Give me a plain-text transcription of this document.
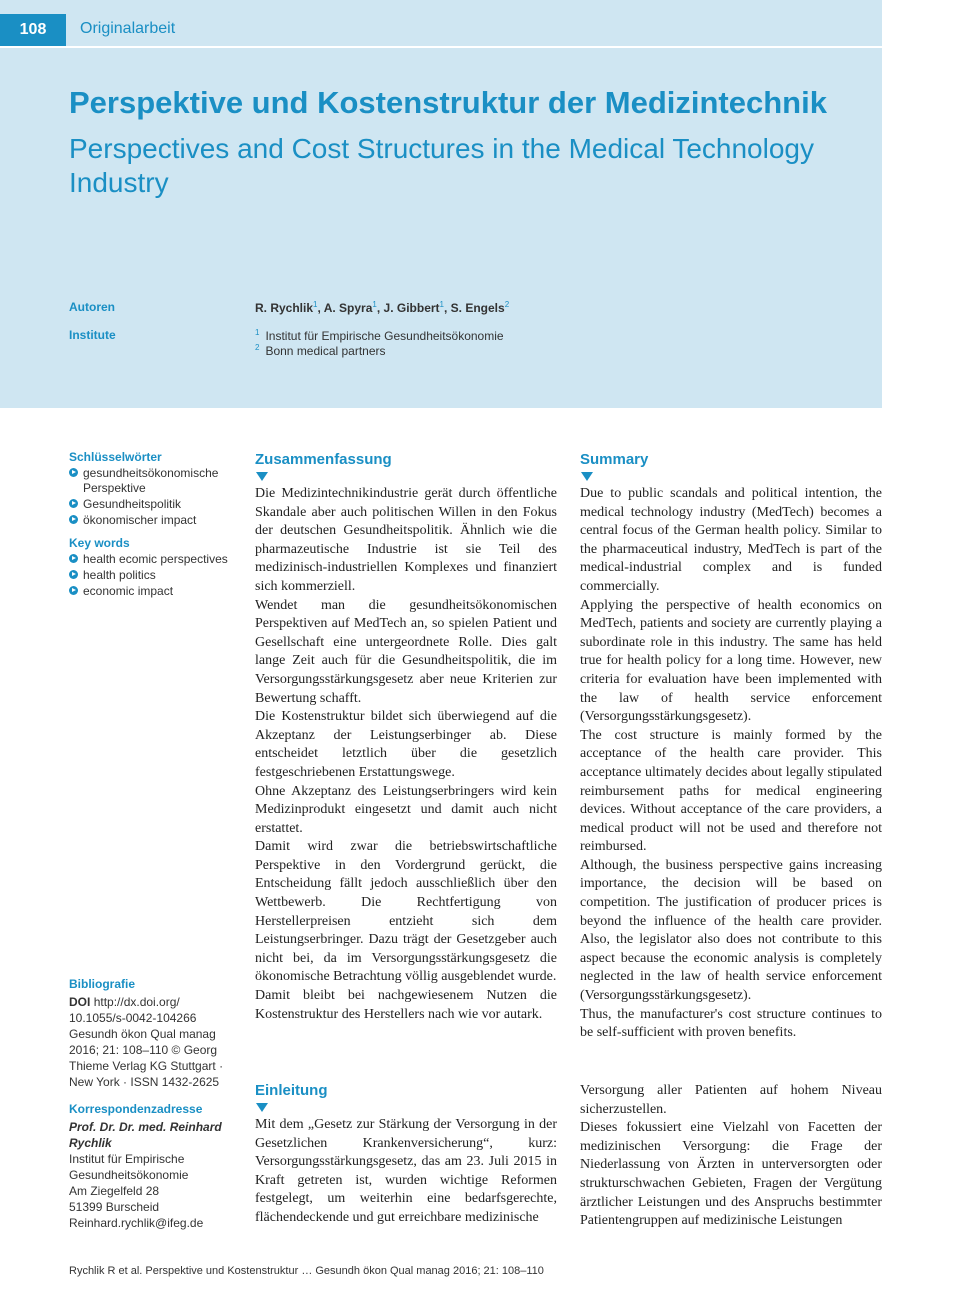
108	Originalarbeit
Perspektive und Kostenstruktur der Medizintechnik
Perspectives and Cost Structures in the Medical Technology Industry
Autoren	R. Rychlik$^1$, A. Spyra$^1$, J. Gibbert$^1$, S. Engels$^2$
Institute	$^1$ Institut für Empirische Gesundheitsökonomie
$^2$ Bonn medical partners
Schlüsselwörter
gesundheitsökonomische Perspektive
Gesundheitspolitik
ökonomischer impact
Key words
health ecomic perspectives
health politics
economic impact
Bibliografie
DOI http://dx.doi.org/ 10.1055/s-0042-104266 Gesundh ökon Qual manag 2016; 21: 108–110 © Georg Thieme Verlag KG Stuttgart · New York · ISSN 1432-2625
Korrespondenzadresse
Prof. Dr. Dr. med. Reinhard Rychlik
Institut für Empirische Gesundheitsökonomie
Am Ziegelfeld 28
51399 Burscheid
Reinhard.rychlik@ifeg.de
Zusammenfassung

Die Medizintechnikindustrie gerät durch öffentliche Skandale aber auch politischen Willen in den Fokus der deutschen Gesundheitspolitik. Ähnlich wie die pharmazeutische Industrie ist sie Teil des medizinisch-industriellen Komplexes und finanziert sich kommerziell.

Wendet man die gesundheitsökonomischen Perspektiven auf MedTech an, so spielen Patient und Gesellschaft eine untergeordnete Rolle. Dies galt lange Zeit auch für die Gesundheitspolitik, die im Versorgungsstärkungsgesetz aber neue Kriterien zur Bewertung schafft.

Die Kostenstruktur bildet sich überwiegend auf die Akzeptanz der Leistungserbinger ab. Diese entscheidet letztlich über die gesetzlich festgeschriebenen Erstattungswege.

Ohne Akzeptanz des Leistungserbringers wird kein Medizinprodukt eingesetzt und damit auch nicht erstattet.

Damit wird zwar die betriebswirtschaftliche Perspektive in den Vordergrund gerückt, die Entscheidung fällt jedoch ausschließlich über den Wettbewerb. Die Rechtfertigung von Herstellerpreisen entzieht sich dem Leistungserbringer. Dazu trägt der Gesetzgeber auch nicht bei, da im Versorgungsstärkungsgesetz die ökonomische Betrachtung völlig ausgeblendet wurde.

Damit bleibt bei nachgewiesenem Nutzen die Kostenstruktur des Herstellers nach wie vor autark.

Summary

Due to public scandals and political intention, the medical technology industry (MedTech) becomes a central focus of the German health policy. Similar to the pharmaceutical industry, MedTech is part of the medical-industrial complex and is funded commercially.

Applying the perspective of health economics on MedTech, patients and society are currently playing a subordinate role in this industry. The same has held true for health policy for a long time. However, new criteria for evaluation have been implemented with the law of health service enforcement (Versorgungsstärkungsgesetz).

The cost structure is mainly formed by the acceptance of the health care provider. This acceptance ultimately decides about legally stipulated reimbursement paths for medical engineering devices. Without acceptance of the care providers, a medical product will not be used and therefore not reimbursed.

Although, the business perspective gains increasing importance, the decision will be based on competition. The justification of producer prices is beyond the influence of the health care provider. Also, the legislator also does not contribute to this aspect because the economic analysis is completely neglected in the law of health service enforcement (Versorgungsstärkungsgesetz).

Thus, the manufacturer's cost structure continues to be self-sufficient with proven benefits.

Einleitung

Mit dem „Gesetz zur Stärkung der Versorgung in der Gesetzlichen Krankenversicherung“, kurz: Versorgungsstärkungsgesetz, das am 23. Juli 2015 in Kraft getreten ist, wurden wichtige Reformen festgelegt, um weiterhin eine bedarfsgerechte, flächendeckende und gut erreichbare medizinische

Versorgung aller Patienten auf hohem Niveau sicherzustellen.

Dieses fokussiert eine Vielzahl von Facetten der medizinischen Versorgung: die Frage der Niederlassung von Ärzten in unterversorgten oder strukturschwachen Gebieten, Fragen der Vergütung ärztlicher Leistungen und des Anspruchs bestimmter Patientengruppen auf medizinische Leistungen

Rychlik R et al. Perspektive und Kostenstruktur … Gesundh ökon Qual manag 2016; 21: 108–110
